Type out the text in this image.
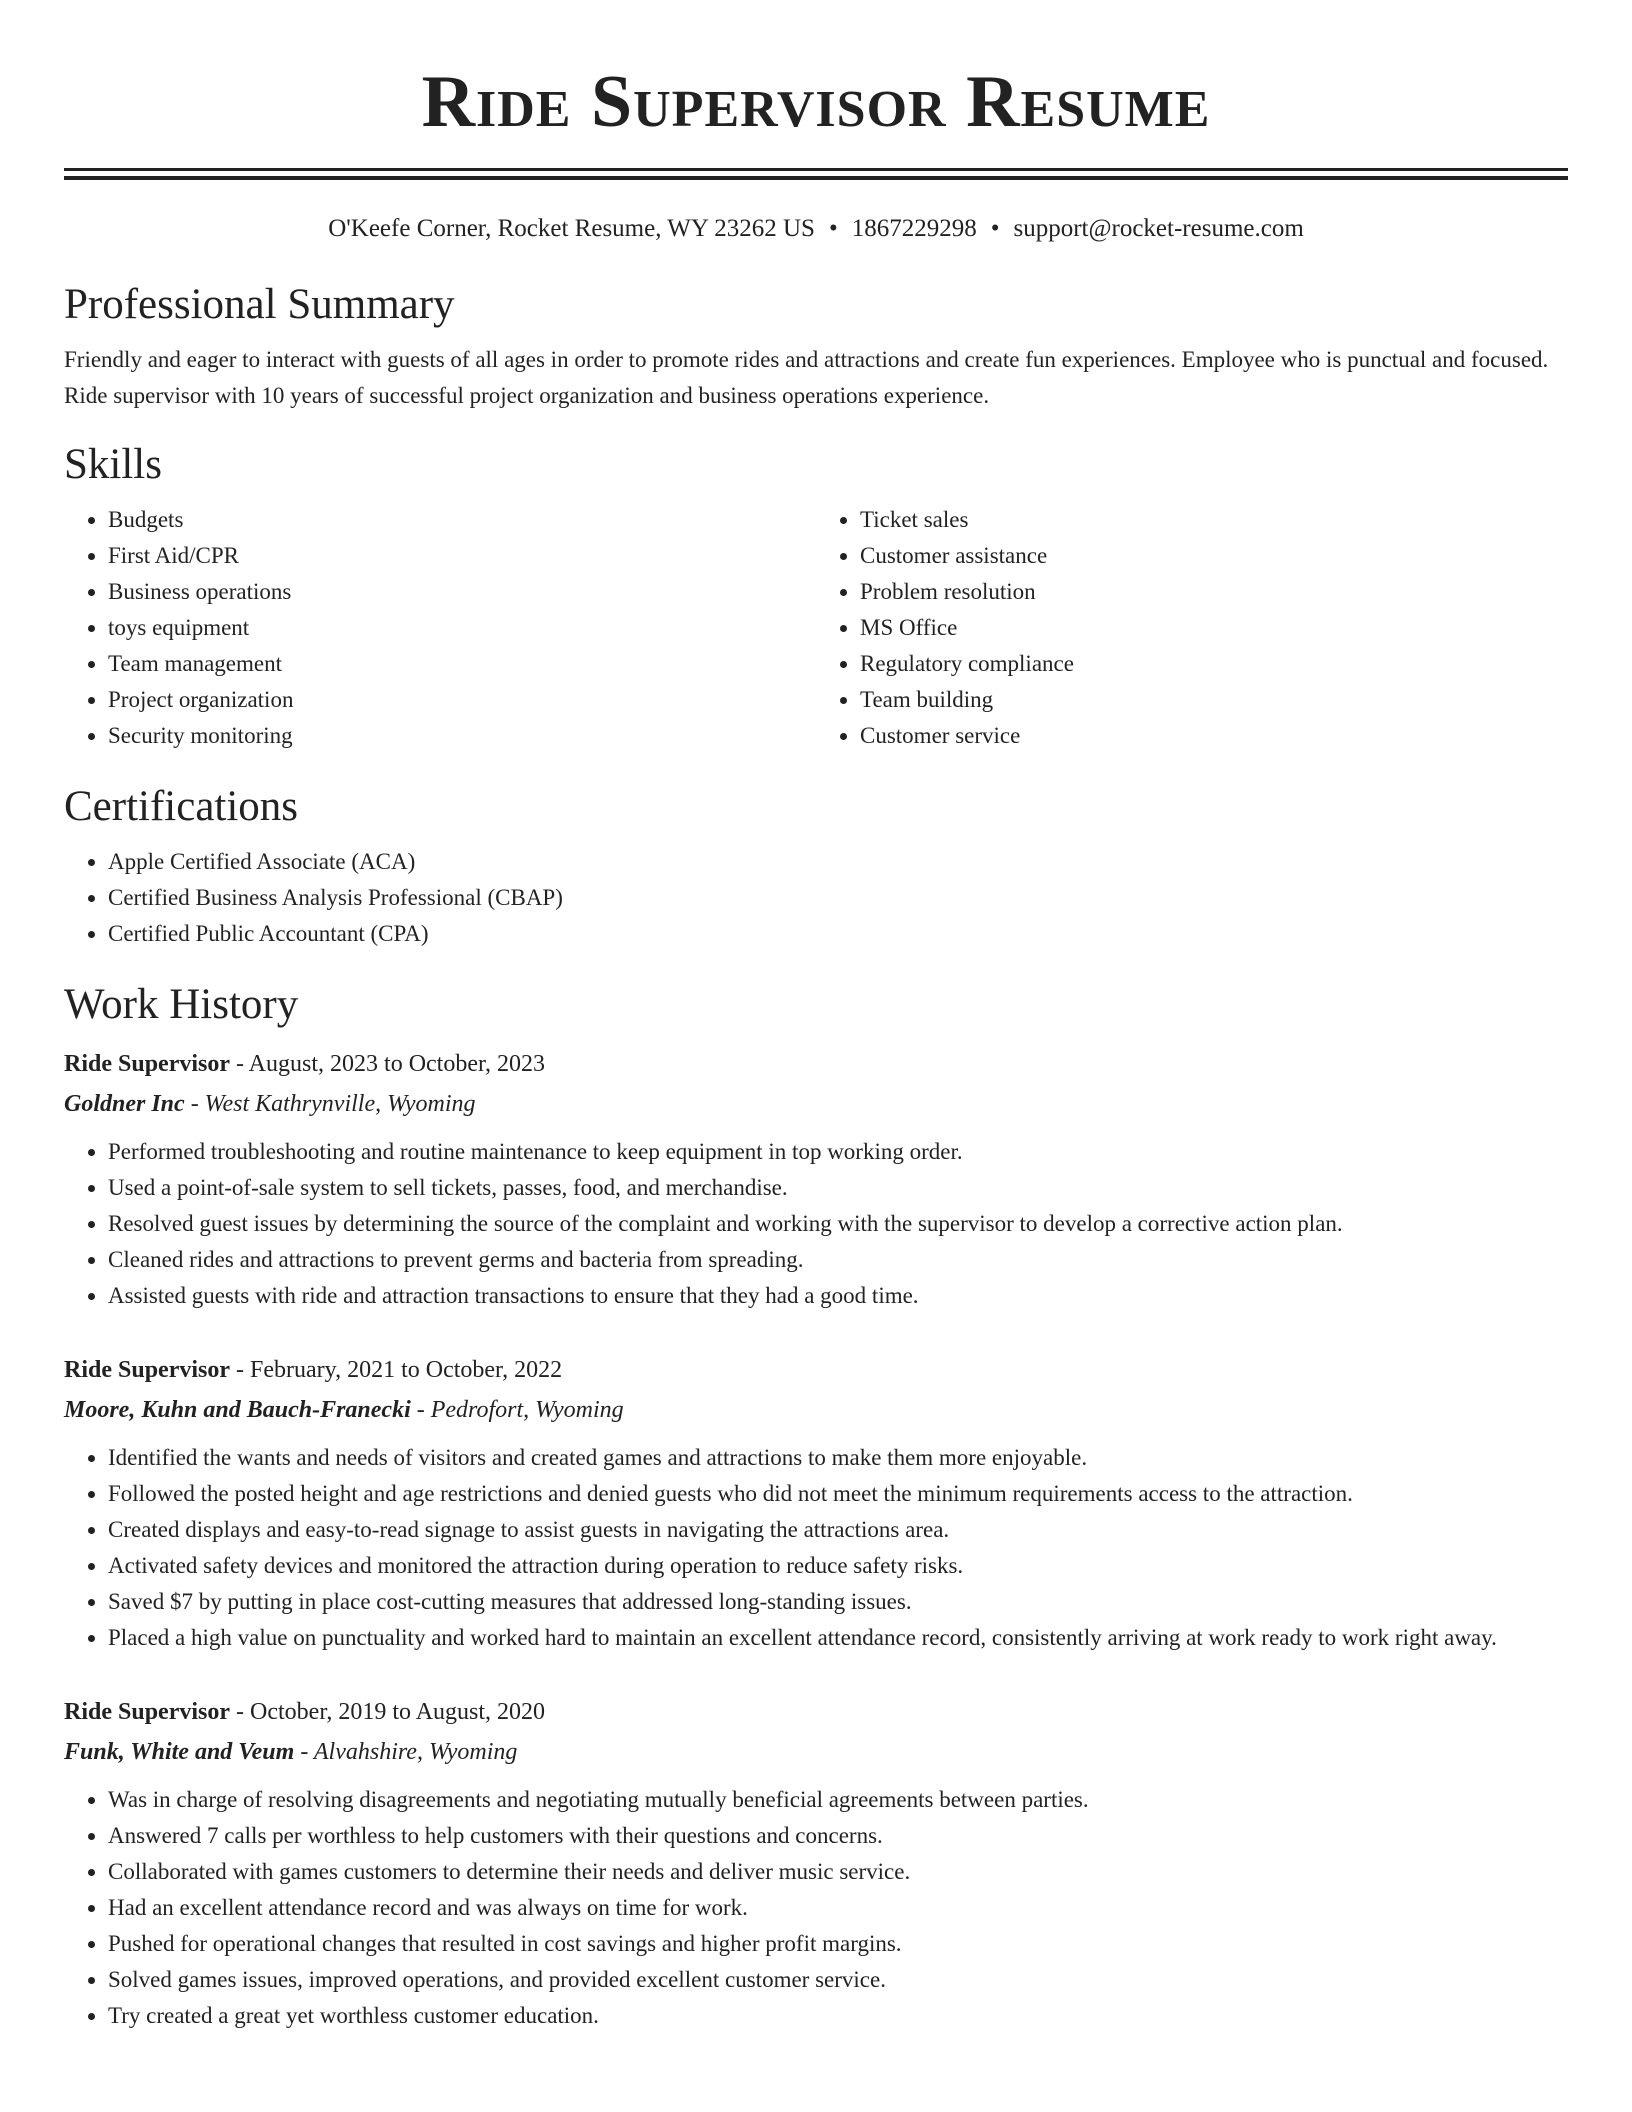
Ride Supervisor Resume
O'Keefe Corner, Rocket Resume, WY 23262 US • 1867229298 • support@rocket-resume.com
Professional Summary

Friendly and eager to interact with guests of all ages in order to promote rides and attractions and create fun experiences. Employee who is punctual and focused. Ride supervisor with 10 years of successful project organization and business operations experience.

Skills
• Budgets
• First Aid/CPR
• Business operations
• toys equipment
• Team management
• Project organization
• Security monitoring
• Ticket sales
• Customer assistance
• Problem resolution
• MS Office
• Regulatory compliance
• Team building
• Customer service
Certifications
• Apple Certified Associate (ACA)
• Certified Business Analysis Professional (CBAP)
• Certified Public Accountant (CPA)
Work History
Ride Supervisor - August, 2023 to October, 2023
Goldner Inc - West Kathrynville, Wyoming
• Performed troubleshooting and routine maintenance to keep equipment in top working order.
• Used a point-of-sale system to sell tickets, passes, food, and merchandise.
• Resolved guest issues by determining the source of the complaint and working with the supervisor to develop a corrective action plan.
• Cleaned rides and attractions to prevent germs and bacteria from spreading.
• Assisted guests with ride and attraction transactions to ensure that they had a good time.
Ride Supervisor - February, 2021 to October, 2022
Moore, Kuhn and Bauch-Franecki - Pedrofort, Wyoming
• Identified the wants and needs of visitors and created games and attractions to make them more enjoyable.
• Followed the posted height and age restrictions and denied guests who did not meet the minimum requirements access to the attraction.
• Created displays and easy-to-read signage to assist guests in navigating the attractions area.
• Activated safety devices and monitored the attraction during operation to reduce safety risks.
• Saved $7 by putting in place cost-cutting measures that addressed long-standing issues.
• Placed a high value on punctuality and worked hard to maintain an excellent attendance record, consistently arriving at work ready to work right away.
Ride Supervisor - October, 2019 to August, 2020
Funk, White and Veum - Alvahshire, Wyoming
• Was in charge of resolving disagreements and negotiating mutually beneficial agreements between parties.
• Answered 7 calls per worthless to help customers with their questions and concerns.
• Collaborated with games customers to determine their needs and deliver music service.
• Had an excellent attendance record and was always on time for work.
• Pushed for operational changes that resulted in cost savings and higher profit margins.
• Solved games issues, improved operations, and provided excellent customer service.
• Try created a great yet worthless customer education.
